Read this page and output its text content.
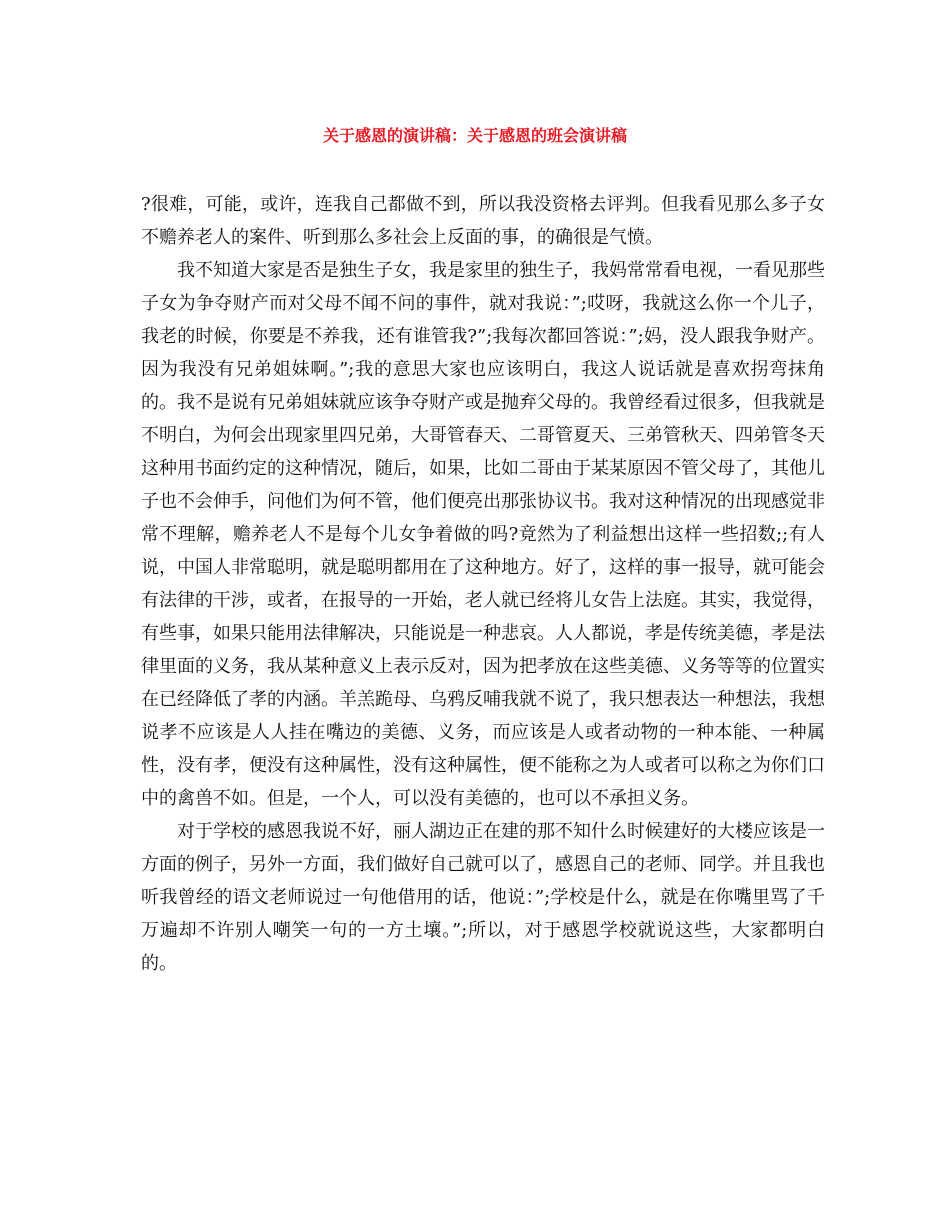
关于感恩的演讲稿：关于感恩的班会演讲稿

?很难，可能，或许，连我自己都做不到，所以我没资格去评判。但我看见那么多子女不赡养老人的案件、听到那么多社会上反面的事，的确很是气愤。

我不知道大家是否是独生子女，我是家里的独生子，我妈常常看电视，一看见那些子女为争夺财产而对父母不闻不问的事件，就对我说：”;哎呀，我就这么你一个儿子，我老的时候，你要是不养我，还有谁管我?”;我每次都回答说：”;妈，没人跟我争财产。因为我没有兄弟姐妹啊。”;我的意思大家也应该明白，我这人说话就是喜欢拐弯抹角的。我不是说有兄弟姐妹就应该争夺财产或是抛弃父母的。我曾经看过很多，但我就是不明白，为何会出现家里四兄弟，大哥管春天、二哥管夏天、三弟管秋天、四弟管冬天这种用书面约定的这种情况，随后，如果，比如二哥由于某某原因不管父母了，其他儿子也不会伸手，问他们为何不管，他们便亮出那张协议书。我对这种情况的出现感觉非常不理解，赡养老人不是每个儿女争着做的吗?竟然为了利益想出这样一些招数;;有人说，中国人非常聪明，就是聪明都用在了这种地方。好了，这样的事一报导，就可能会有法律的干涉，或者，在报导的一开始，老人就已经将儿女告上法庭。其实，我觉得，有些事，如果只能用法律解决，只能说是一种悲哀。人人都说，孝是传统美德，孝是法律里面的义务，我从某种意义上表示反对，因为把孝放在这些美德、义务等等的位置实在已经降低了孝的内涵。羊羔跪母、乌鸦反哺我就不说了，我只想表达一种想法，我想说孝不应该是人人挂在嘴边的美德、义务，而应该是人或者动物的一种本能、一种属性，没有孝，便没有这种属性，没有这种属性，便不能称之为人或者可以称之为你们口中的禽兽不如。但是，一个人，可以没有美德的，也可以不承担义务。

对于学校的感恩我说不好，丽人湖边正在建的那不知什么时候建好的大楼应该是一方面的例子，另外一方面，我们做好自己就可以了，感恩自己的老师、同学。并且我也听我曾经的语文老师说过一句他借用的话，他说：”;学校是什么，就是在你嘴里骂了千万遍却不许别人嘲笑一句的一方土壤。”;所以，对于感恩学校就说这些，大家都明白的。
